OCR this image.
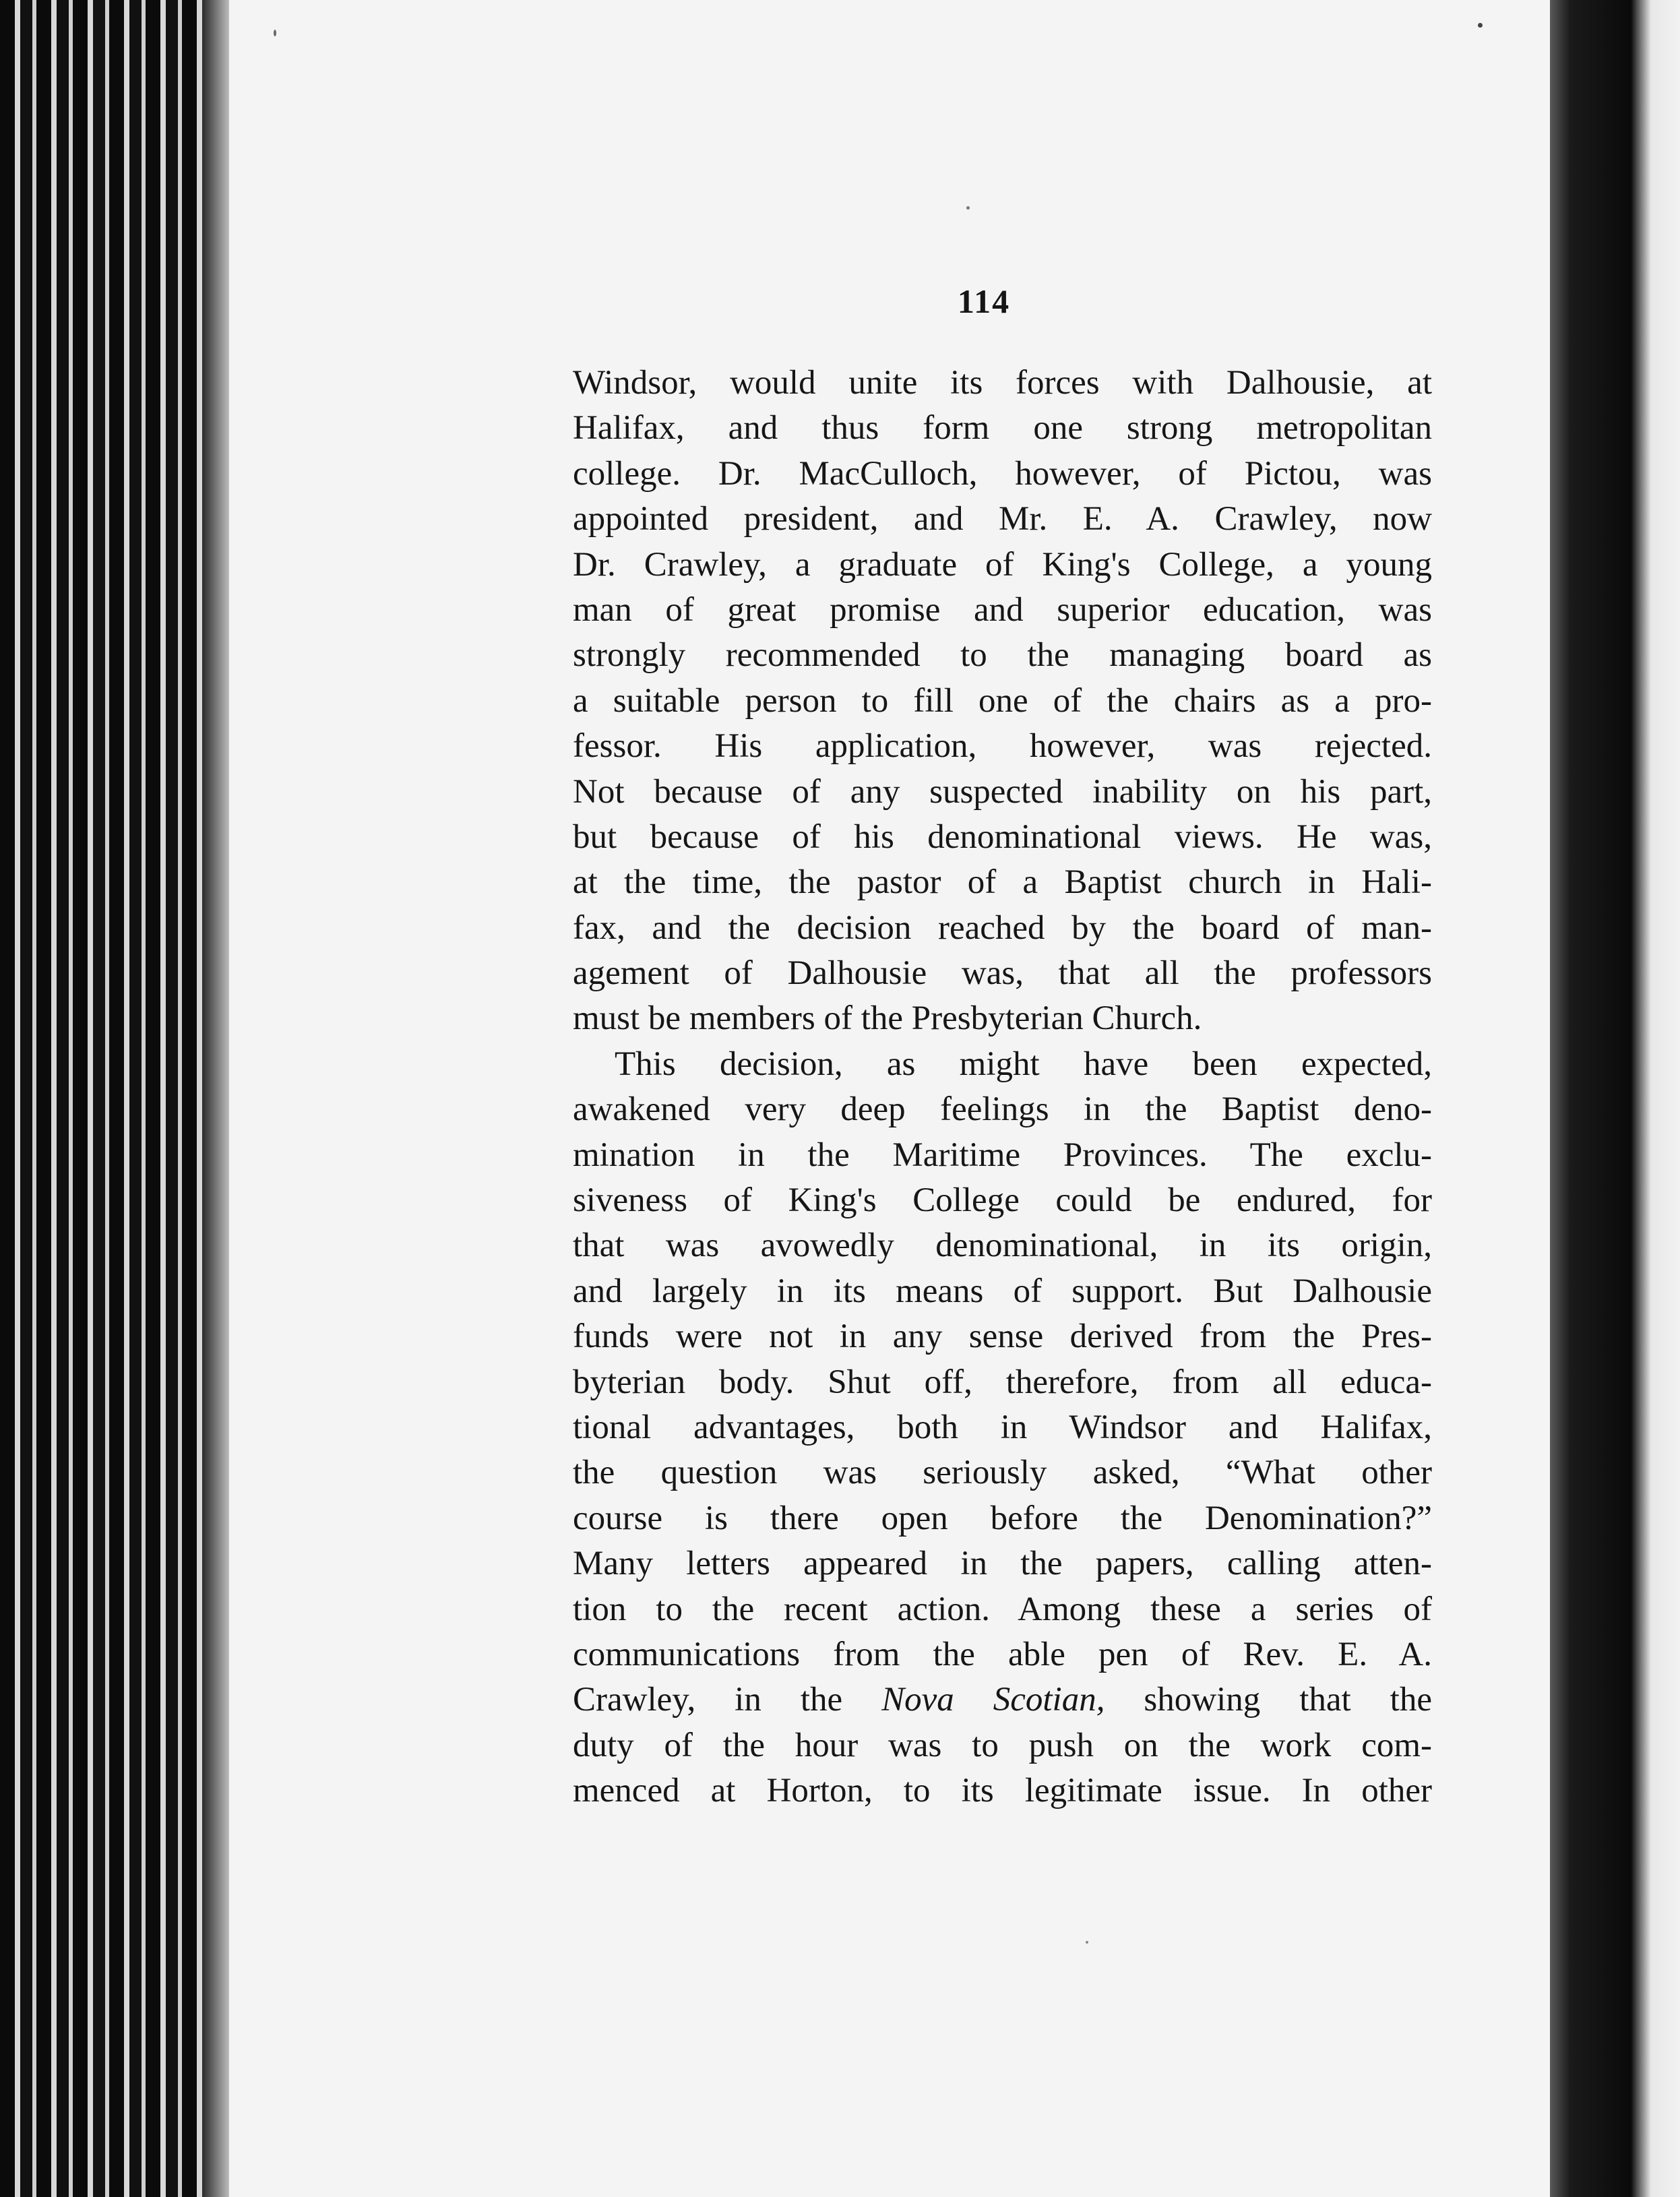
114
Windsor, would unite its forces with Dalhousie, at
Halifax, and thus form one strong metropolitan
college. Dr. MacCulloch, however, of Pictou, was
appointed president, and Mr. E. A. Crawley, now
Dr. Crawley, a graduate of King's College, a young
man of great promise and superior education, was
strongly recommended to the managing board as
a suitable person to fill one of the chairs as a pro-
fessor. His application, however, was rejected.
Not because of any suspected inability on his part,
but because of his denominational views. He was,
at the time, the pastor of a Baptist church in Hali-
fax, and the decision reached by the board of man-
agement of Dalhousie was, that all the professors
must be members of the Presbyterian Church.
This decision, as might have been expected,
awakened very deep feelings in the Baptist deno-
mination in the Maritime Provinces. The exclu-
siveness of King's College could be endured, for
that was avowedly denominational, in its origin,
and largely in its means of support. But Dalhousie
funds were not in any sense derived from the Pres-
byterian body. Shut off, therefore, from all educa-
tional advantages, both in Windsor and Halifax,
the question was seriously asked, “What other
course is there open before the Denomination?”
Many letters appeared in the papers, calling atten-
tion to the recent action. Among these a series of
communications from the able pen of Rev. E. A.
Crawley, in the Nova Scotian, showing that the
duty of the hour was to push on the work com-
menced at Horton, to its legitimate issue. In other
